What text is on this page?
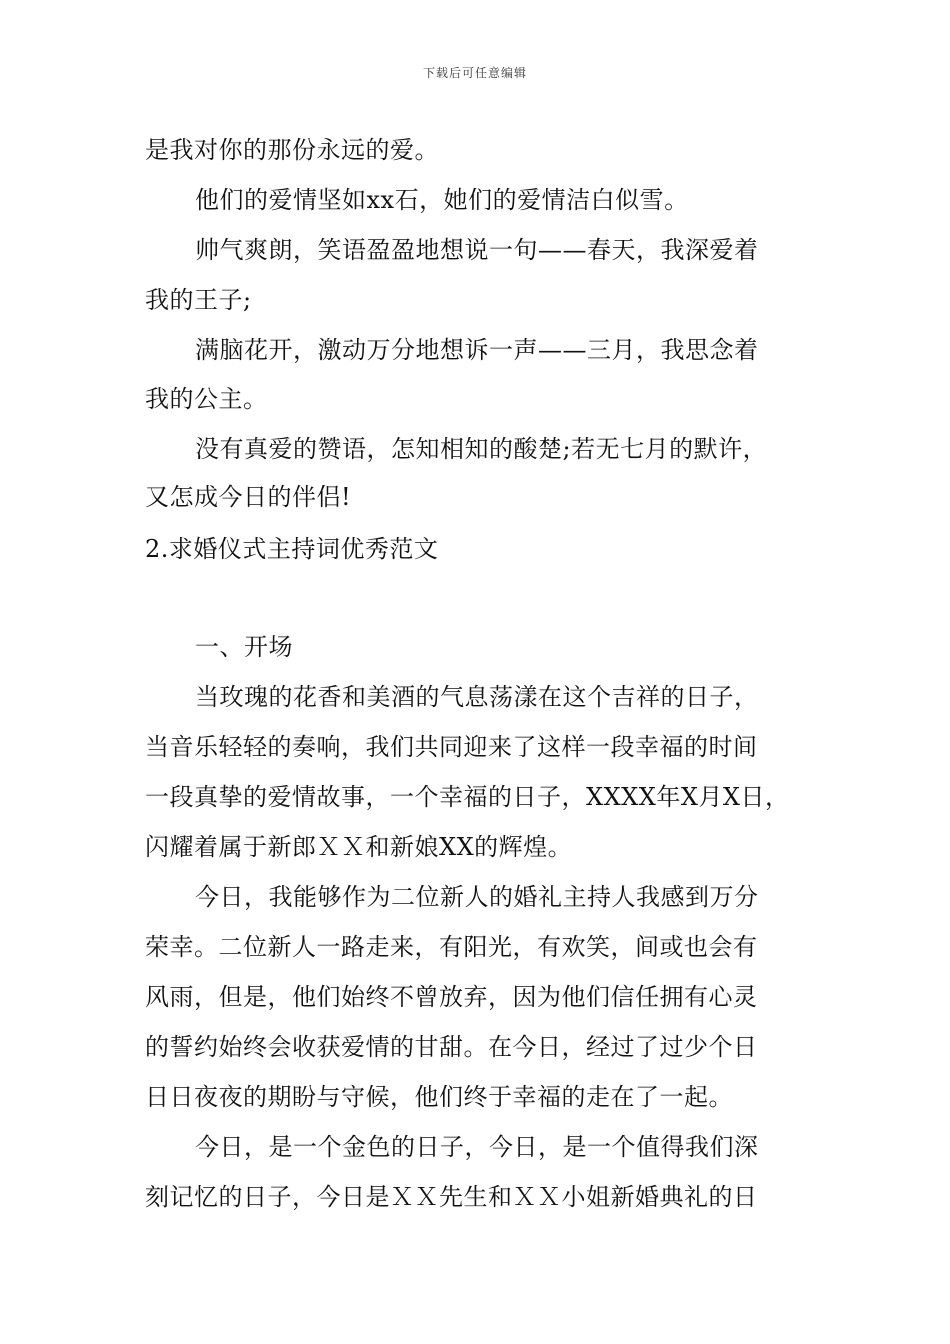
下载后可任意编辑
是我对你的那份永远的爱。
他们的爱情坚如xx石，她们的爱情洁白似雪。
帅气爽朗，笑语盈盈地想说一句——春天，我深爱着
我的王子;
满脑花开，激动万分地想诉一声——三月，我思念着
我的公主。
没有真爱的赞语，怎知相知的酸楚;若无七月的默许，
又怎成今日的伴侣!
2.求婚仪式主持词优秀范文
一、开场
当玫瑰的花香和美酒的气息荡漾在这个吉祥的日子，
当音乐轻轻的奏响，我们共同迎来了这样一段幸福的时间
一段真挚的爱情故事，一个幸福的日子，XXXX年X月X日，
闪耀着属于新郎ＸＸ和新娘XX的辉煌。
今日，我能够作为二位新人的婚礼主持人我感到万分
荣幸。二位新人一路走来，有阳光，有欢笑，间或也会有
风雨，但是，他们始终不曾放弃，因为他们信任拥有心灵
的誓约始终会收获爱情的甘甜。在今日，经过了过少个日
日日夜夜的期盼与守候，他们终于幸福的走在了一起。
今日，是一个金色的日子，今日，是一个值得我们深
刻记忆的日子，今日是ＸＸ先生和ＸＸ小姐新婚典礼的日
